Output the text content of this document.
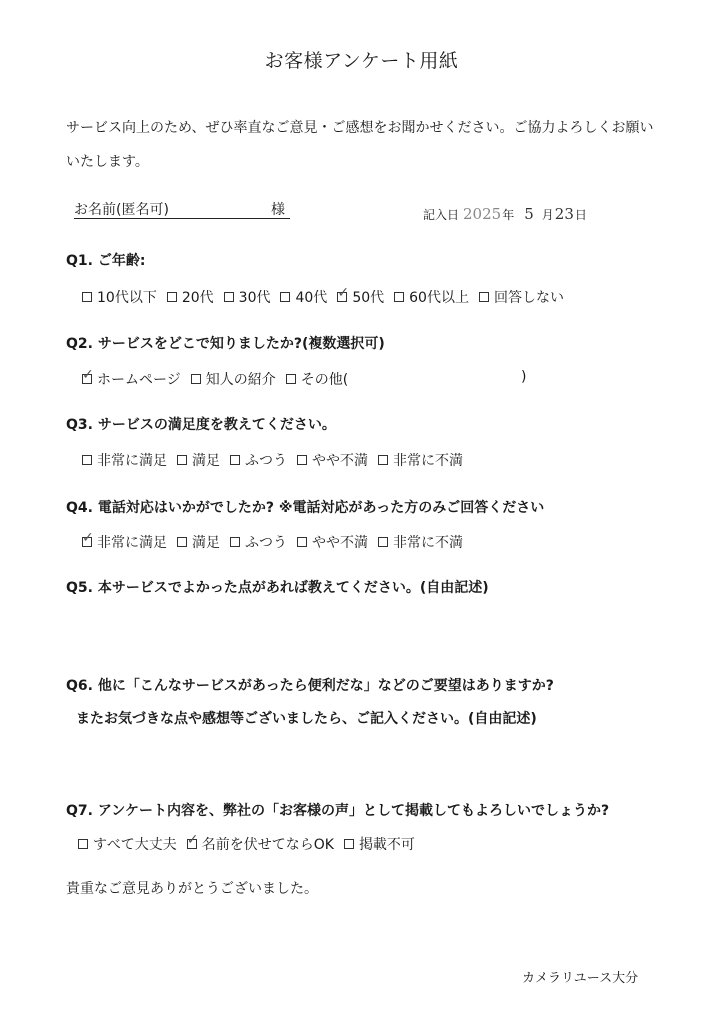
お客様アンケート用紙
サービス向上のため、ぜひ率直なご意見・ご感想をお聞かせください。ご協力よろしくお願い
いたします。
お名前(匿名可)	様	記入日 2025 年 5 月 23 日
Q1. ご年齢:
10代以下 20代 30代 40代 ✓ 50代 60代以上 回答しない
Q2. サービスをどこで知りましたか?(複数選択可)
✓ ホームページ 知人の紹介 その他(	)
Q3. サービスの満足度を教えてください。
非常に満足 満足 ふつう やや不満 非常に不満
Q4. 電話対応はいかがでしたか? ※電話対応があった方のみご回答ください
✓ 非常に満足 満足 ふつう やや不満 非常に不満
Q5. 本サービスでよかった点があれば教えてください。(自由記述)
Q6. 他に「こんなサービスがあったら便利だな」などのご要望はありますか?
またお気づきな点や感想等ございましたら、ご記入ください。(自由記述)
Q7. アンケート内容を、弊社の「お客様の声」として掲載してもよろしいでしょうか?
すべて大丈夫 ✓ 名前を伏せてならOK 掲載不可
貴重なご意見ありがとうございました。
カメラリユース大分
